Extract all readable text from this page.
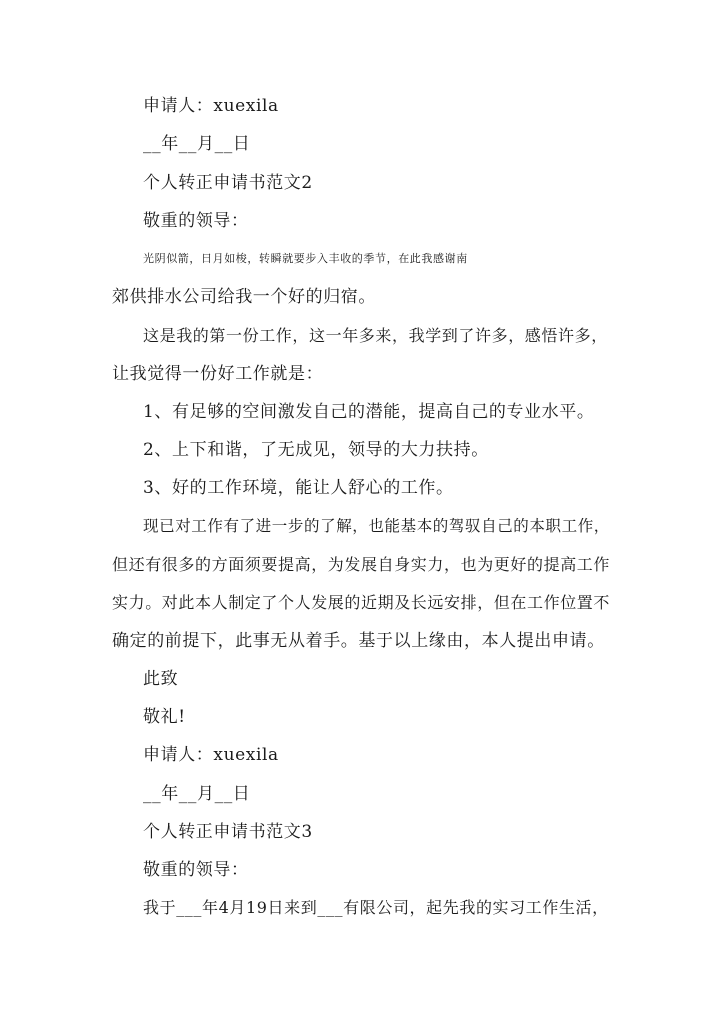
申请人：xuexila
__年__月__日
个人转正申请书范文2
敬重的领导：
光阴似箭，日月如梭，转瞬就要步入丰收的季节，在此我感谢南
郊供排水公司给我一个好的归宿。
这是我的第一份工作，这一年多来，我学到了许多，感悟许多，
让我觉得一份好工作就是：
1、有足够的空间激发自己的潜能，提高自己的专业水平。
2、上下和谐，了无成见，领导的大力扶持。
3、好的工作环境，能让人舒心的工作。
现已对工作有了进一步的了解，也能基本的驾驭自己的本职工作，
但还有很多的方面须要提高，为发展自身实力，也为更好的提高工作
实力。对此本人制定了个人发展的近期及长远安排，但在工作位置不
确定的前提下，此事无从着手。基于以上缘由，本人提出申请。
此致
敬礼!
申请人：xuexila
__年__月__日
个人转正申请书范文3
敬重的领导：
我于___年4月19日来到___有限公司，起先我的实习工作生活，
